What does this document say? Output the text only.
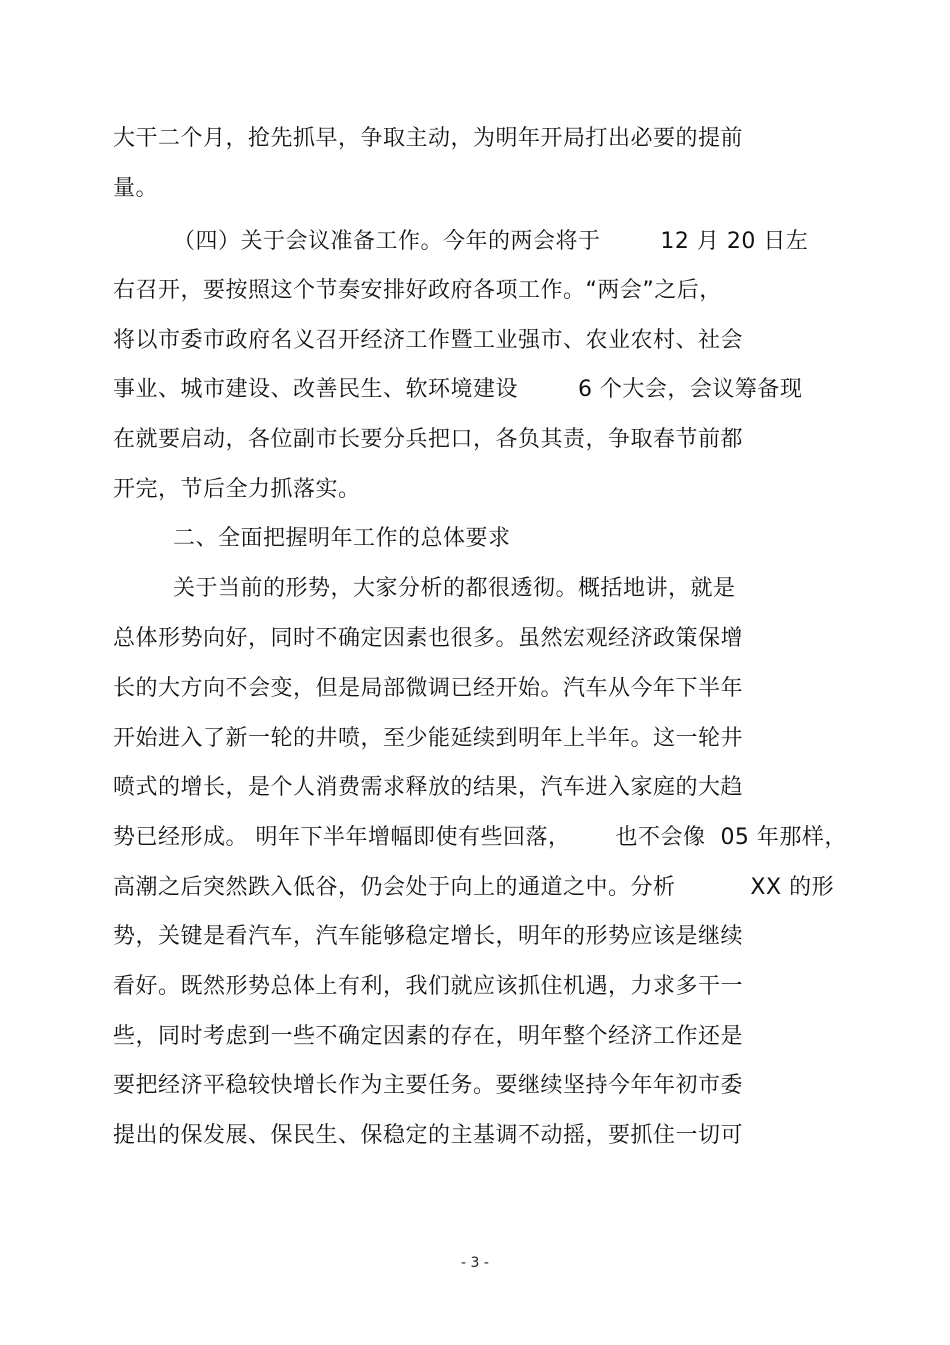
大干二个月，抢先抓早，争取主动，为明年开局打出必要的提前
量。
（四）关于会议准备工作。今年的两会将于        12 月 20 日左
右召开，要按照这个节奏安排好政府各项工作。“两会”之后，
将以市委市政府名义召开经济工作暨工业强市、农业农村、社会
事业、城市建设、改善民生、软环境建设        6 个大会，会议筹备现
在就要启动，各位副市长要分兵把口，各负其责，争取春节前都
开完，节后全力抓落实。
二、全面把握明年工作的总体要求
关于当前的形势，大家分析的都很透彻。概括地讲，就是
总体形势向好，同时不确定因素也很多。虽然宏观经济政策保增
长的大方向不会变，但是局部微调已经开始。汽车从今年下半年
开始进入了新一轮的井喷，至少能延续到明年上半年。这一轮井
喷式的增长，是个人消费需求释放的结果，汽车进入家庭的大趋
势已经形成。 明年下半年增幅即使有些回落，      也不会像  05 年那样，
高潮之后突然跌入低谷，仍会处于向上的通道之中。分析          XX 的形
势，关键是看汽车，汽车能够稳定增长，明年的形势应该是继续
看好。既然形势总体上有利，我们就应该抓住机遇，力求多干一
些，同时考虑到一些不确定因素的存在，明年整个经济工作还是
要把经济平稳较快增长作为主要任务。要继续坚持今年年初市委
提出的保发展、保民生、保稳定的主基调不动摇，要抓住一切可
- 3 -
